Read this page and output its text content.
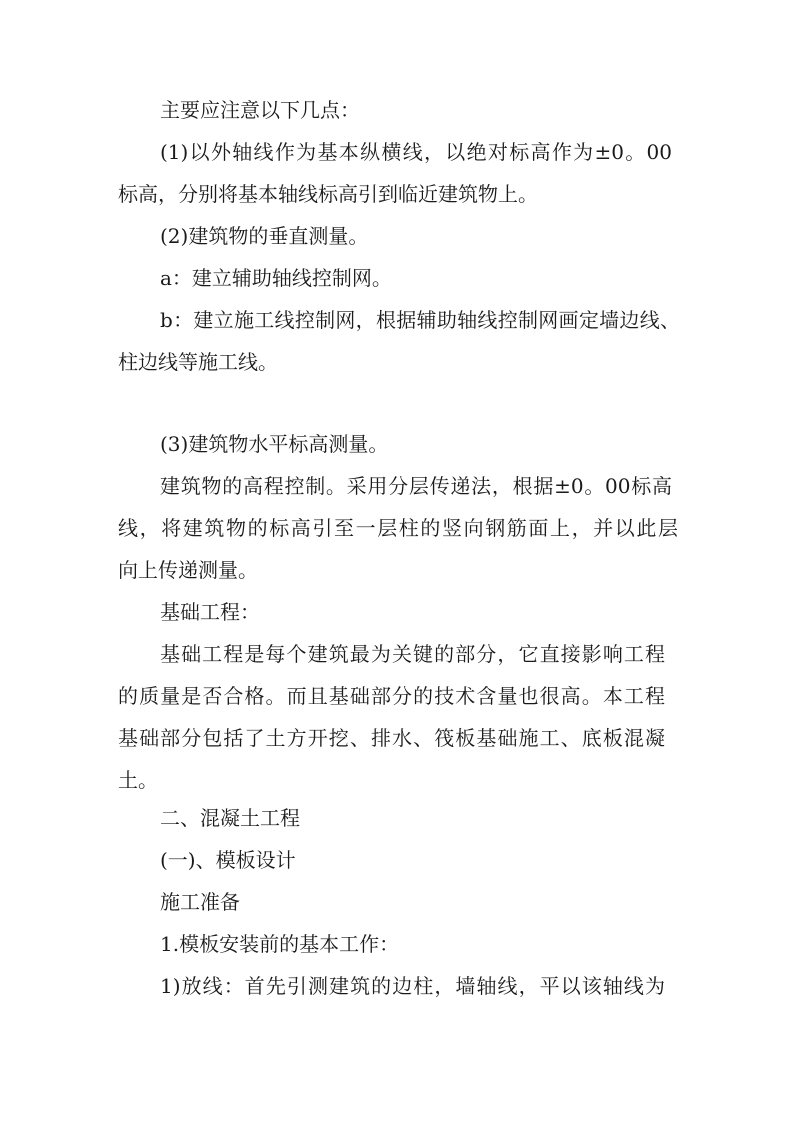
主要应注意以下几点：
(1)以外轴线作为基本纵横线，以绝对标高作为±0。00
标高，分别将基本轴线标高引到临近建筑物上。
(2)建筑物的垂直测量。
a：建立辅助轴线控制网。
b：建立施工线控制网，根据辅助轴线控制网画定墙边线、
柱边线等施工线。
(3)建筑物水平标高测量。
建筑物的高程控制。采用分层传递法，根据±0。00标高
线，将建筑物的标高引至一层柱的竖向钢筋面上，并以此层
向上传递测量。
基础工程：
基础工程是每个建筑最为关键的部分，它直接影响工程
的质量是否合格。而且基础部分的技术含量也很高。本工程
基础部分包括了土方开挖、排水、筏板基础施工、底板混凝
土。
二、混凝土工程
(一)、模板设计
施工准备
1.模板安装前的基本工作：
1)放线：首先引测建筑的边柱，墙轴线，平以该轴线为
